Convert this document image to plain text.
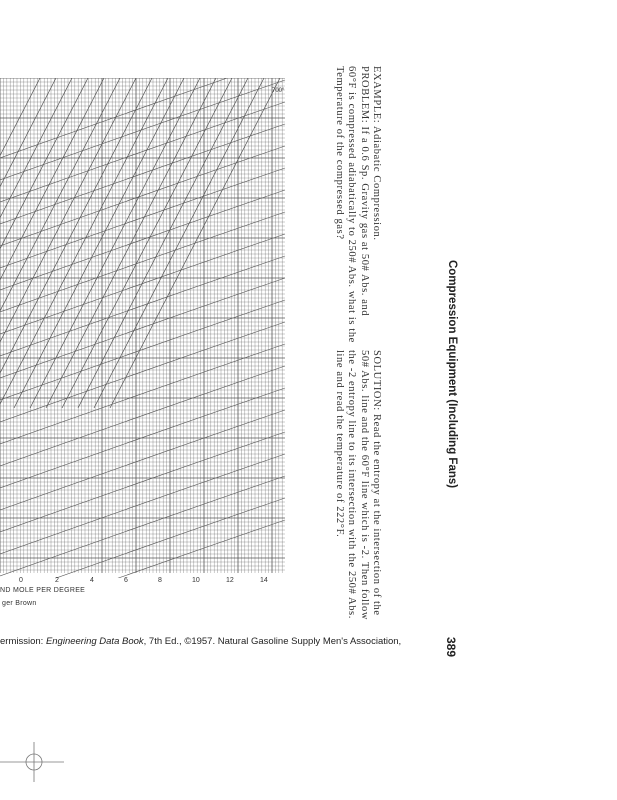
700°
0	2	4	6	8	10	12	14
ND MOLE PER DEGREE
ger Brown
EXAMPLE: Adiabatic Compression.
PROBLEM: If a 0.6 Sp. Gravity gas at 50# Abs. and
60°F is compressed adiabatically to 250# Abs. what is the
Temperature of the compressed gas?
SOLUTION: Read the entropy at the intersection of the
50# Abs. line and the 60°F line which is -2. Then follow
the -2 entropy line to its intersection with the 250# Abs.
line and read the temperature of 222°F.	Compression Equipment (Including Fans)
389
ermission: Engineering Data Book, 7th Ed., ©1957. Natural Gasoline Supply Men's Association,
